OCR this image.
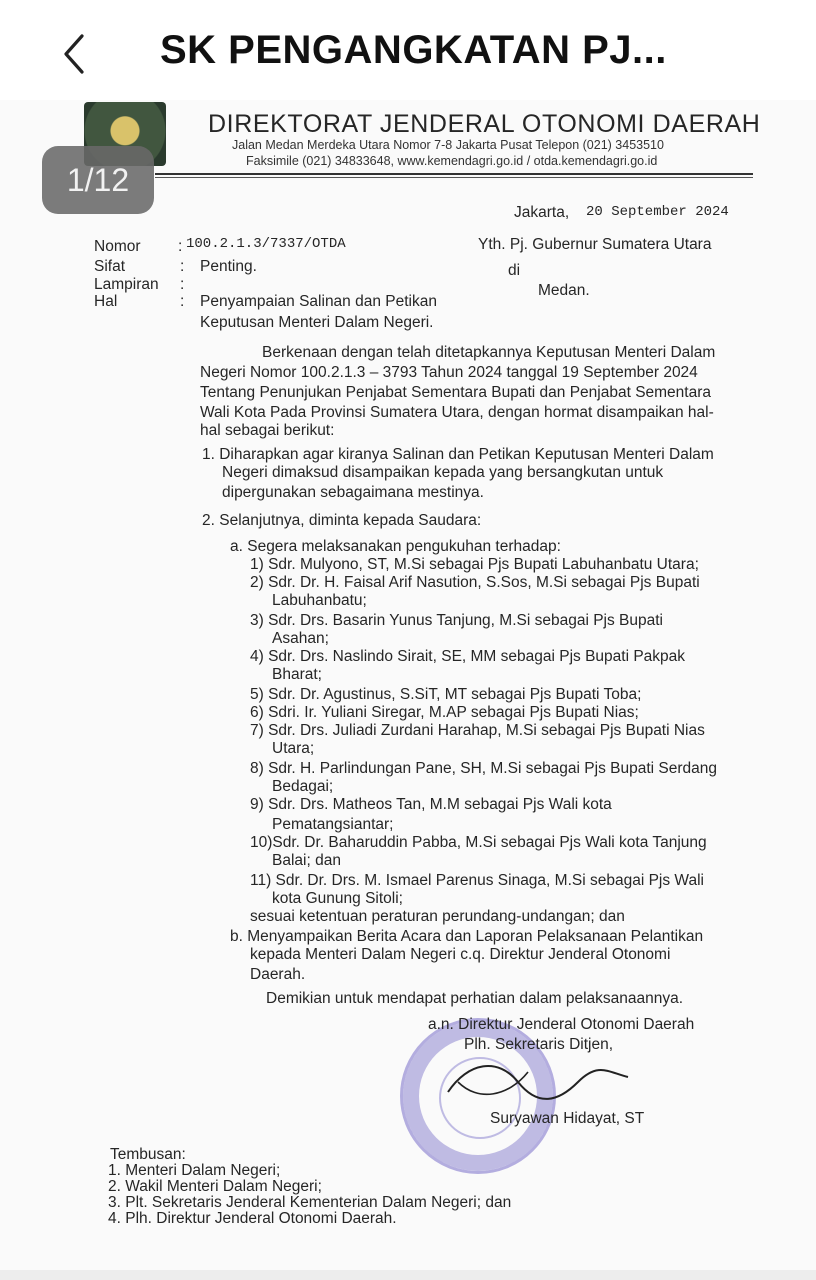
SK PENGANGKATAN PJ...
DIREKTORAT JENDERAL OTONOMI DAERAH
Jalan Medan Merdeka Utara Nomor 7-8 Jakarta Pusat Telepon (021) 3453510
Faksimile (021) 34833648, www.kemendagri.go.id / otda.kemendagri.go.id
Jakarta, 20 September 2024
Nomor : 100.2.1.3/7337/OTDA
Sifat	: Penting.
Lampiran :
Hal	: Penyampaian Salinan dan Petikan
Keputusan Menteri Dalam Negeri.
Yth. Pj. Gubernur Sumatera Utara
di
Medan.
Berkenaan dengan telah ditetapkannya Keputusan Menteri Dalam
Negeri Nomor 100.2.1.3 – 3793 Tahun 2024 tanggal 19 September 2024
Tentang Penunjukan Penjabat Sementara Bupati dan Penjabat Sementara
Wali Kota Pada Provinsi Sumatera Utara, dengan hormat disampaikan hal-
hal sebagai berikut:
1. Diharapkan agar kiranya Salinan dan Petikan Keputusan Menteri Dalam
Negeri dimaksud disampaikan kepada yang bersangkutan untuk
dipergunakan sebagaimana mestinya.
2. Selanjutnya, diminta kepada Saudara:
a. Segera melaksanakan pengukuhan terhadap:
1) Sdr. Mulyono, ST, M.Si sebagai Pjs Bupati Labuhanbatu Utara;
2) Sdr. Dr. H. Faisal Arif Nasution, S.Sos, M.Si sebagai Pjs Bupati
Labuhanbatu;
3) Sdr. Drs. Basarin Yunus Tanjung, M.Si sebagai Pjs Bupati
Asahan;
4) Sdr. Drs. Naslindo Sirait, SE, MM sebagai Pjs Bupati Pakpak
Bharat;
5) Sdr. Dr. Agustinus, S.SiT, MT sebagai Pjs Bupati Toba;
6) Sdri. Ir. Yuliani Siregar, M.AP sebagai Pjs Bupati Nias;
7) Sdr. Drs. Juliadi Zurdani Harahap, M.Si sebagai Pjs Bupati Nias
Utara;
8) Sdr. H. Parlindungan Pane, SH, M.Si sebagai Pjs Bupati Serdang
Bedagai;
9) Sdr. Drs. Matheos Tan, M.M sebagai Pjs Wali kota
Pematangsiantar;
10)Sdr. Dr. Baharuddin Pabba, M.Si sebagai Pjs Wali kota Tanjung
Balai; dan
11) Sdr. Dr. Drs. M. Ismael Parenus Sinaga, M.Si sebagai Pjs Wali
kota Gunung Sitoli;
sesuai ketentuan peraturan perundang-undangan; dan
b. Menyampaikan Berita Acara dan Laporan Pelaksanaan Pelantikan
kepada Menteri Dalam Negeri c.q. Direktur Jenderal Otonomi
Daerah.
Demikian untuk mendapat perhatian dalam pelaksanaannya.
a.n. Direktur Jenderal Otonomi Daerah
Plh. Sekretaris Ditjen,
Suryawan Hidayat, ST
Tembusan:
1. Menteri Dalam Negeri;
2. Wakil Menteri Dalam Negeri;
3. Plt. Sekretaris Jenderal Kementerian Dalam Negeri; dan
4. Plh. Direktur Jenderal Otonomi Daerah.
1/12
